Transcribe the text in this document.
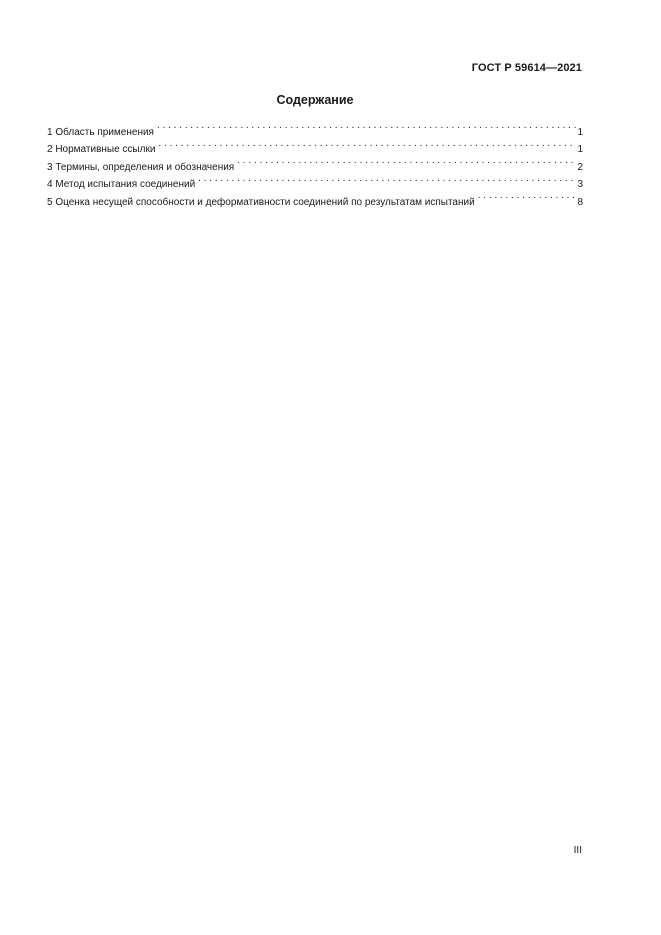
ГОСТ Р 59614—2021
Содержание
1 Область применения . . .	1
2 Нормативные ссылки . . .	1
3 Термины, определения и обозначения . . .	2
4 Метод испытания соединений . . .	3
5 Оценка несущей способности и деформативности соединений по результатам испытаний . . .	8
III
